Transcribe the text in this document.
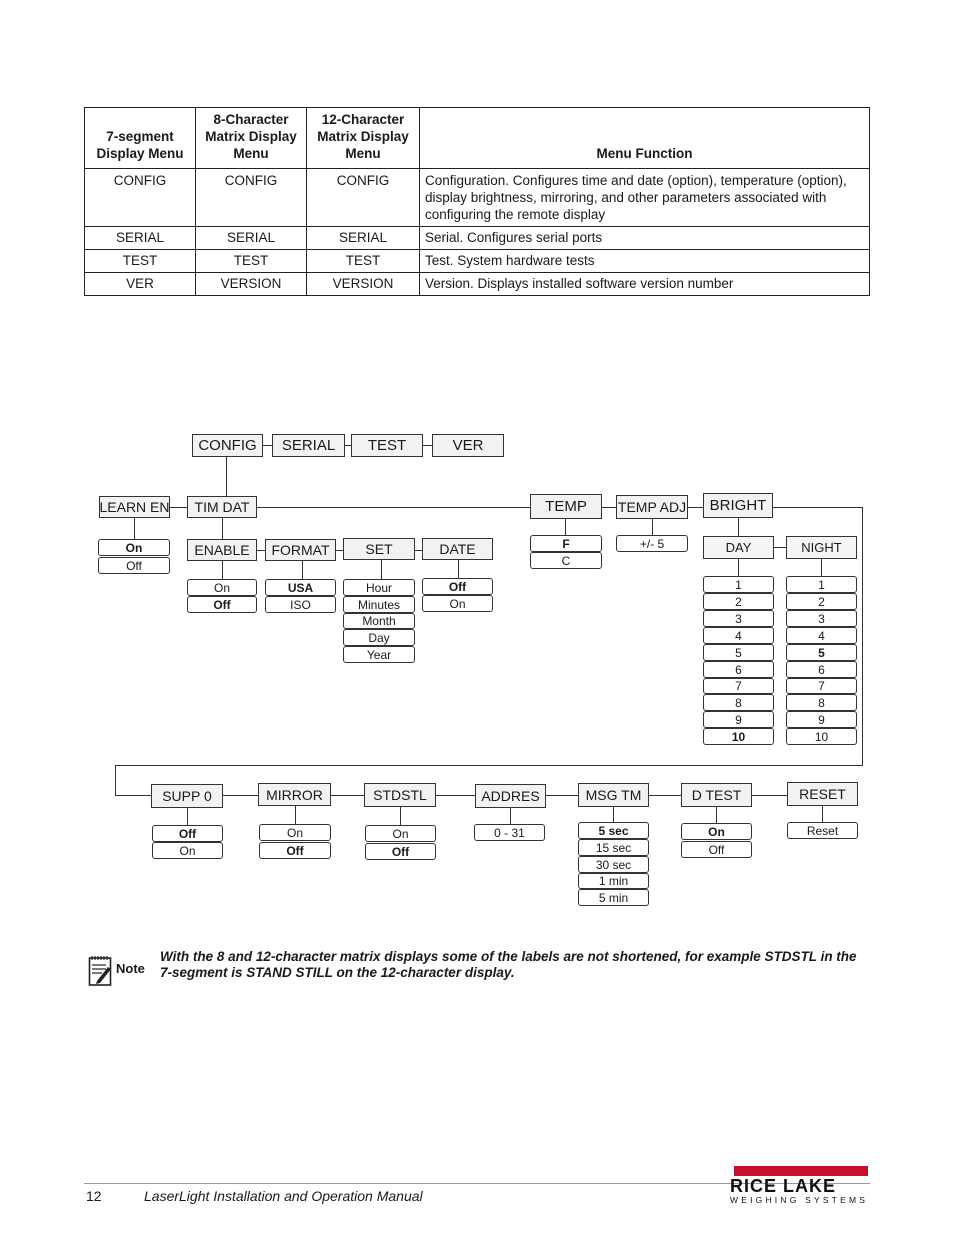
7-segment
Display Menu	8-Character
Matrix Display
Menu	12-Character
Matrix Display
Menu	Menu Function
CONFIG	CONFIG	CONFIG	Configuration. Configures time and date (option), temperature (option), display brightness, mirroring, and other parameters associated with configuring the remote display
SERIAL	SERIAL	SERIAL	Serial. Configures serial ports
TEST	TEST	TEST	Test. System hardware tests
VER	VERSION	VERSION	Version. Displays installed software version number
CONFIG	SERIAL	TEST	VER
LEARN EN	TIM DAT	TEMP	TEMP ADJ	BRIGHT
On
Off
ENABLE	FORMAT	SET	DATE
On
Off
USA
ISO
Hour
Minutes
Month
Day
Year
Off
On
F
C
+/- 5	DAY	NIGHT
1
2
3
4
5
6
7
8
9
10
1
2
3
4
5
6
7
8
9
10
SUPP 0	MIRROR	STDSTL	ADDRES	MSG TM	D TEST	RESET
Off
On
On
Off
On
Off
0 - 31	5 sec
15 sec
30 sec
1 min
5 min
On
Off
Reset
Note
With the 8 and 12-character matrix displays some of the labels are not shortened, for example STDSTL in the 7-segment is STAND STILL on the 12-character display.
12	LaserLight Installation and Operation Manual	RICE LAKE
WEIGHING SYSTEMS
